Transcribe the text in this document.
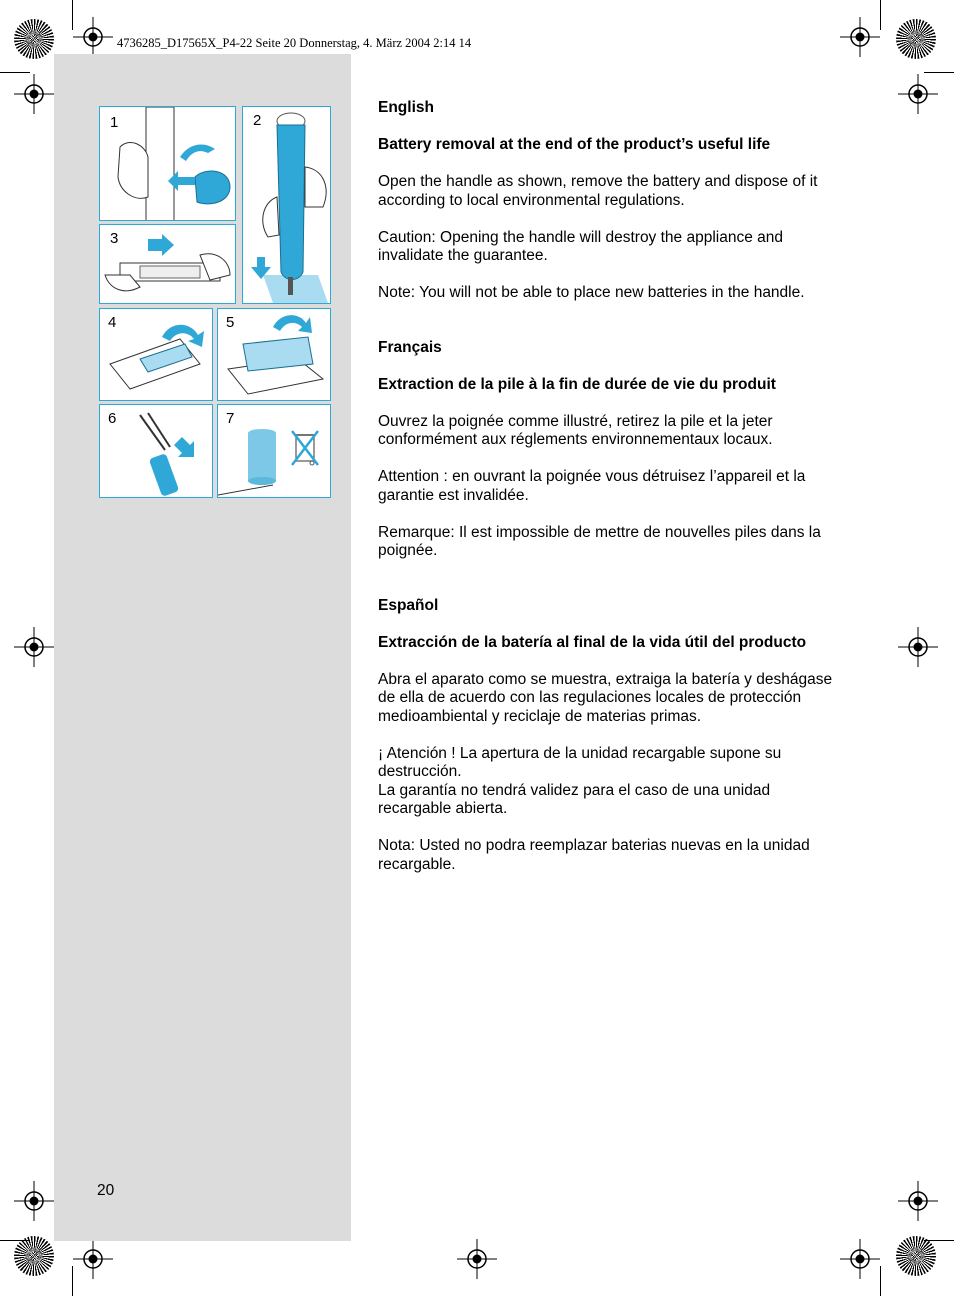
4736285_D17565X_P4-22 Seite 20 Donnerstag, 4. März 2004 2:14 14
1	2
3
4	5
6	7
English
Battery removal at the end of the product’s useful life

Open the handle as shown, remove the battery and dispose of it according to local environmental regulations.

Caution: Opening the handle will destroy the appliance and invalidate the guarantee.

Note: You will not be able to place new batteries in the handle.

Français
Extraction de la pile à la fin de durée de vie du produit

Ouvrez la poignée comme illustré, retirez la pile et la jeter conformément aux réglements environnementaux locaux.

Attention : en ouvrant la poignée vous détruisez l’appareil et la garantie est invalidée.

Remarque: Il est impossible de mettre de nouvelles piles dans la poignée.

Español
Extracción de la batería al final de la vida útil del producto

Abra el aparato como se muestra, extraiga la batería y deshágase de ella de acuerdo con las regulaciones locales de protección medioambiental y reciclaje de materias primas.

¡ Atención ! La apertura de la unidad recargable supone su destrucción.

La garantía no tendrá validez para el caso de una unidad recargable abierta.

Nota: Usted no podra reemplazar baterias nuevas en la unidad recargable.

20
